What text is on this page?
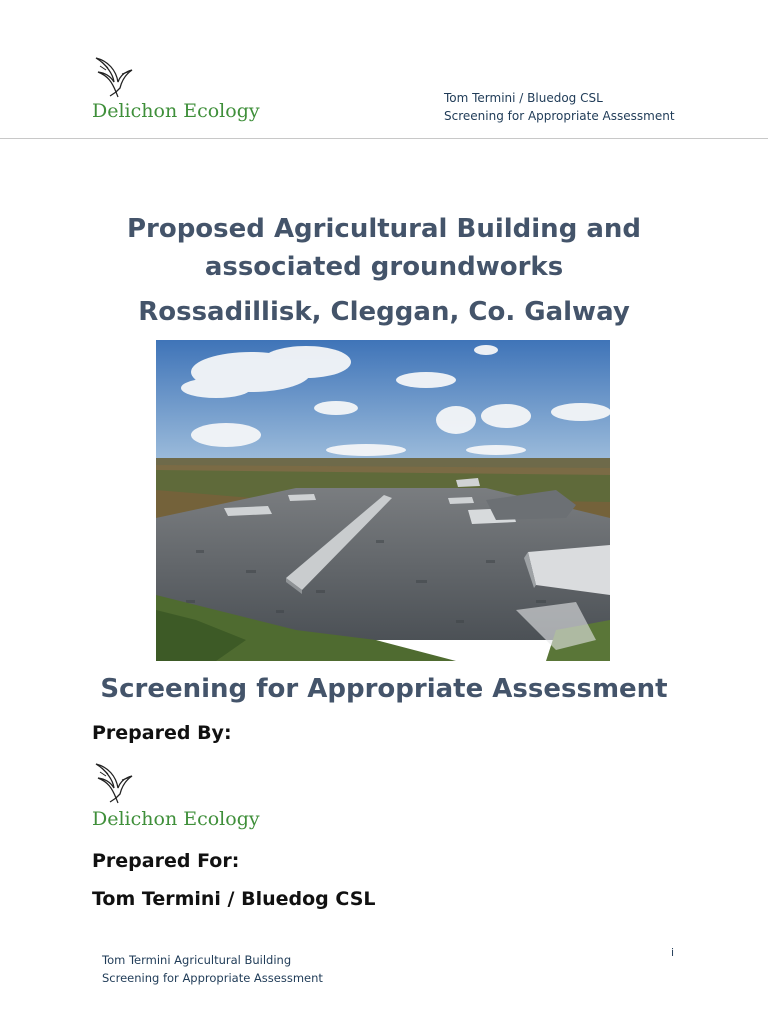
Delichon Ecology
Tom Termini / Bluedog CSL
Screening for Appropriate Assessment
Proposed Agricultural Building and
associated groundworks
Rossadillisk, Cleggan, Co. Galway
Screening for Appropriate Assessment
Prepared By:
Delichon Ecology
Prepared For:
Tom Termini / Bluedog CSL
Tom Termini Agricultural Building
Screening for Appropriate Assessment
i
